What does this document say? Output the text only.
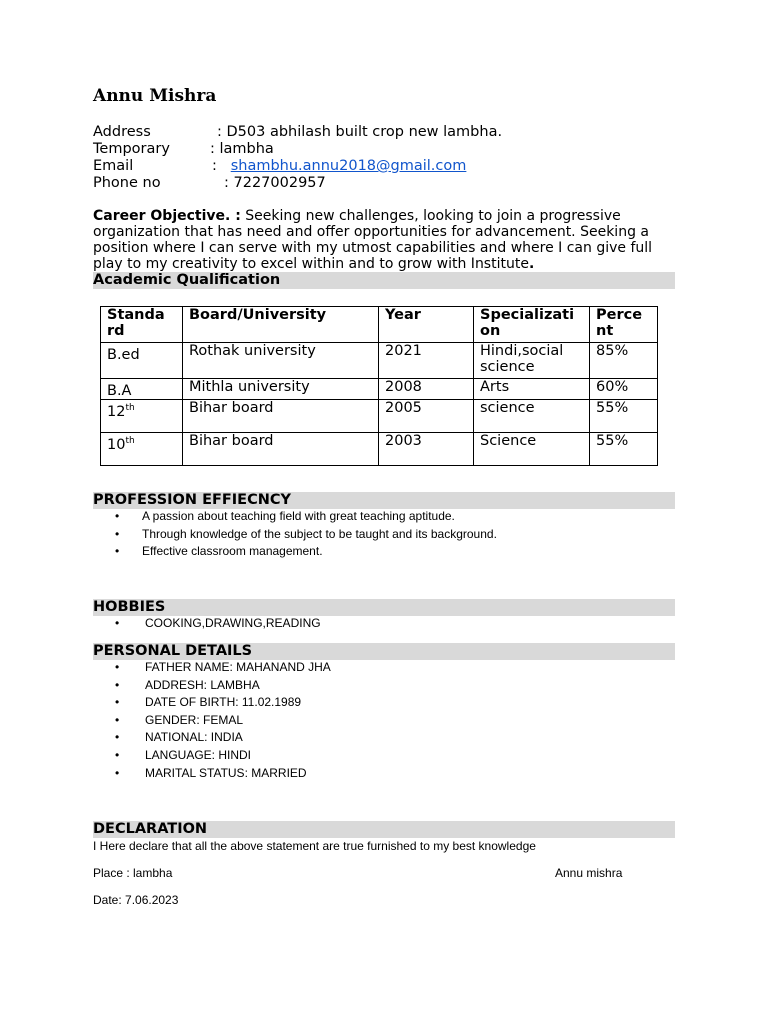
Annu Mishra
Address	: D503 abhilash built crop new lambha.
Temporary	: lambha
Email	: shambhu.annu2018@gmail.com
Phone no	: 7227002957
Career Objective. : Seeking new challenges, looking to join a progressive organization that has need and offer opportunities for advancement. Seeking a position where I can serve with my utmost capabilities and where I can give full play to my creativity to excel within and to grow with Institute.
Academic Qualification
Standa rd	Board/University	Year	Specializati on	Perce nt
B.ed	Rothak university	2021	Hindi,social science	85%
B.A	Mithla university	2008	Arts	60%
12th	Bihar board	2005	science	55%
10th	Bihar board	2003	Science	55%
PROFESSION EFFIECNCY
• A passion about teaching field with great teaching aptitude.
• Through knowledge of the subject to be taught and its background.
• Effective classroom management.
HOBBIES
• COOKING,DRAWING,READING
PERSONAL DETAILS
• FATHER NAME: MAHANAND JHA
• ADDRESH: LAMBHA
• DATE OF BIRTH: 11.02.1989
• GENDER: FEMAL
• NATIONAL: INDIA
• LANGUAGE: HINDI
• MARITAL STATUS: MARRIED
DECLARATION
I Here declare that all the above statement are true furnished to my best knowledge
Place : lambha	Annu mishra
Date: 7.06.2023
